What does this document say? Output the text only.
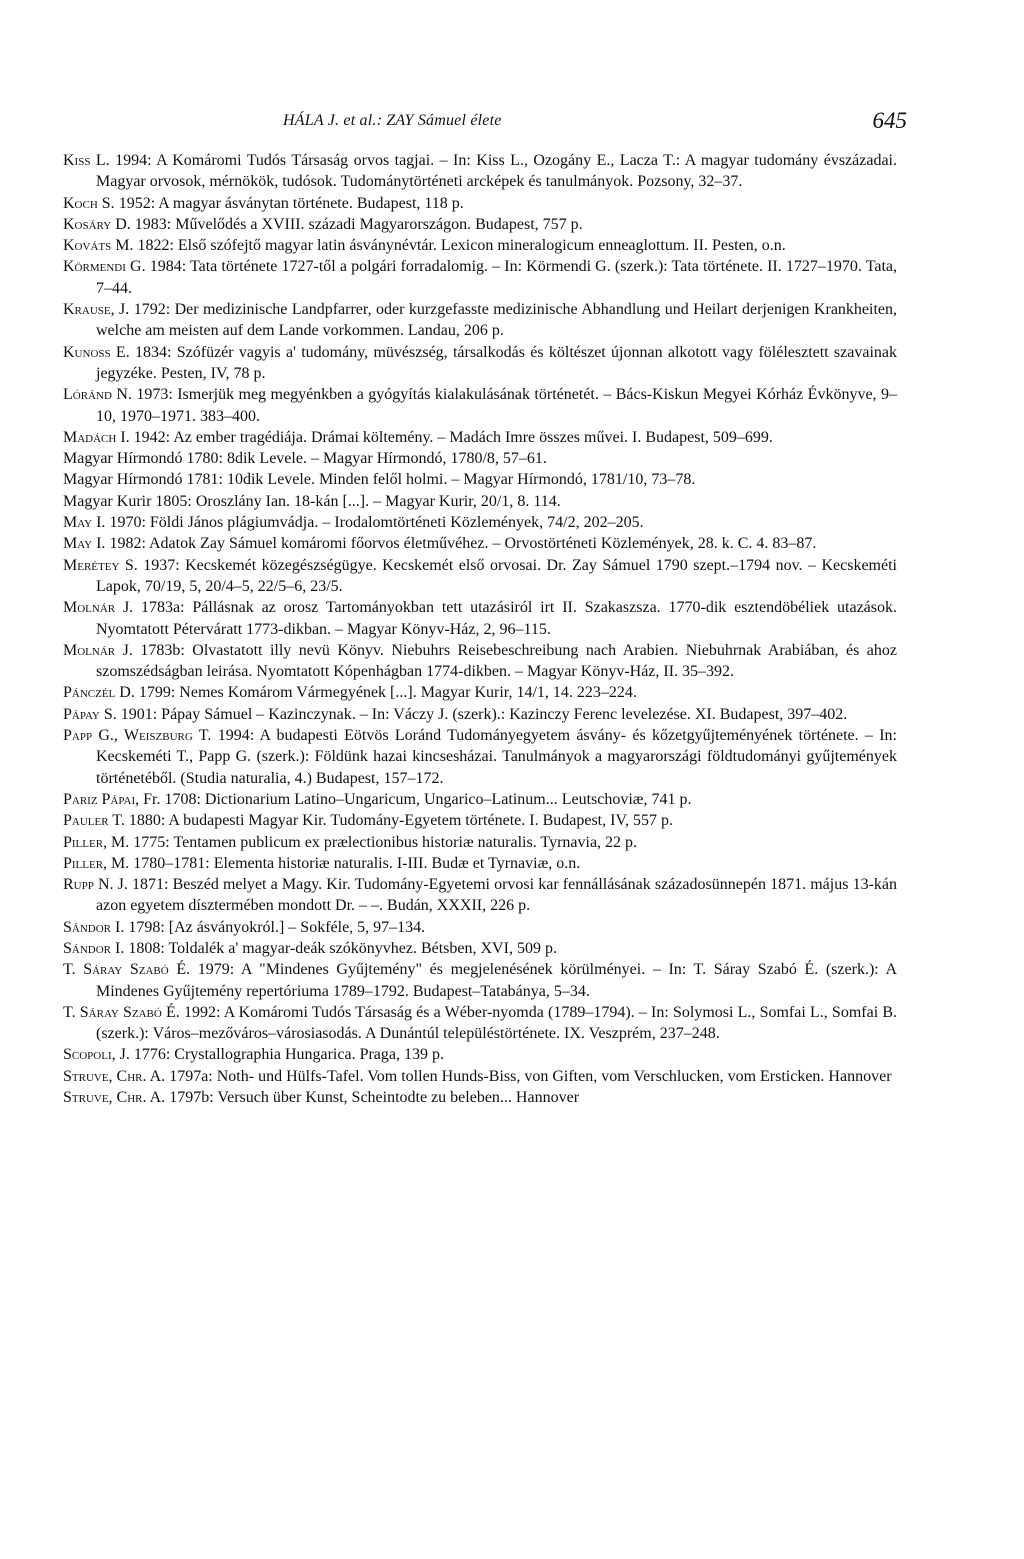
HÁLA J. et al.: ZAY Sámuel élete	645

Kiss L. 1994: A Komáromi Tudós Társaság orvos tagjai. – In: Kiss L., Ozogány E., Lacza T.: A magyar tudomány évszázadai. Magyar orvosok, mérnökök, tudósok. Tudománytörténeti arcképek és tanulmányok. Pozsony, 32–37.

Koch S. 1952: A magyar ásványtan története. Budapest, 118 p.

Kosáry D. 1983: Művelődés a XVIII. századi Magyarországon. Budapest, 757 p.

Kováts M. 1822: Első szófejtő magyar latin ásványnévtár. Lexicon mineralogicum enneaglottum. II. Pesten, o.n.

Körmendi G. 1984: Tata története 1727-től a polgári forradalomig. – In: Körmendi G. (szerk.): Tata története. II. 1727–1970. Tata, 7–44.

Krause, J. 1792: Der medizinische Landpfarrer, oder kurzgefasste medizinische Abhandlung und Heilart derjenigen Krankheiten, welche am meisten auf dem Lande vorkommen. Landau, 206 p.

Kunoss E. 1834: Szófüzér vagyis a' tudomány, müvészség, társalkodás és költészet újonnan alkotott vagy fölélesztett szavainak jegyzéke. Pesten, IV, 78 p.

Lóránd N. 1973: Ismerjük meg megyénkben a gyógyítás kialakulásának történetét. – Bács-Kiskun Megyei Kórház Évkönyve, 9–10, 1970–1971. 383–400.

Madách I. 1942: Az ember tragédiája. Drámai költemény. – Madách Imre összes művei. I. Budapest, 509–699.

Magyar Hírmondó 1780: 8dik Levele. – Magyar Hírmondó, 1780/8, 57–61.

Magyar Hírmondó 1781: 10dik Levele. Minden felől holmi. – Magyar Hírmondó, 1781/10, 73–78.

Magyar Kurir 1805: Oroszlány Ian. 18-kán [...]. – Magyar Kurir, 20/1, 8. 114.

May I. 1970: Földi János plágiumvádja. – Irodalomtörténeti Közlemények, 74/2, 202–205.

May I. 1982: Adatok Zay Sámuel komáromi főorvos életművéhez. – Orvostörténeti Közlemények, 28. k. C. 4. 83–87.

Merétey S. 1937: Kecskemét közegészségügye. Kecskemét első orvosai. Dr. Zay Sámuel 1790 szept.–1794 nov. – Kecskeméti Lapok, 70/19, 5, 20/4–5, 22/5–6, 23/5.

Molnár J. 1783a: Pállásnak az orosz Tartományokban tett utazásiról irt II. Szakaszsza. 1770-dik esztendöbéliek utazások. Nyomtatott Péterváratt 1773-dikban. – Magyar Könyv-Ház, 2, 96–115.

Molnár J. 1783b: Olvastatott illy nevü Könyv. Niebuhrs Reisebeschreibung nach Arabien. Niebuhrnak Arabiában, és ahoz szomszédságban leirása. Nyomtatott Kópenhágban 1774-dikben. – Magyar Könyv-Ház, II. 35–392.

Pánczél D. 1799: Nemes Komárom Vármegyének [...]. Magyar Kurir, 14/1, 14. 223–224.

Pápay S. 1901: Pápay Sámuel – Kazinczynak. – In: Váczy J. (szerk).: Kazinczy Ferenc levelezése. XI. Budapest, 397–402.

Papp G., Weiszburg T. 1994: A budapesti Eötvös Loránd Tudományegyetem ásvány- és kőzetgyűjteményének története. – In: Kecskeméti T., Papp G. (szerk.): Földünk hazai kincsesházai. Tanulmányok a magyarországi földtudományi gyűjtemények történetéből. (Studia naturalia, 4.) Budapest, 157–172.

Pariz Pápai, Fr. 1708: Dictionarium Latino–Ungaricum, Ungarico–Latinum... Leutschoviæ, 741 p.

Pauler T. 1880: A budapesti Magyar Kir. Tudomány-Egyetem története. I. Budapest, IV, 557 p.

Piller, M. 1775: Tentamen publicum ex prælectionibus historiæ naturalis. Tyrnavia, 22 p.

Piller, M. 1780–1781: Elementa historiæ naturalis. I-III. Budæ et Tyrnaviæ, o.n.

Rupp N. J. 1871: Beszéd melyet a Magy. Kir. Tudomány-Egyetemi orvosi kar fennállásának századosünnepén 1871. május 13-kán azon egyetem dísztermében mondott Dr. – –. Budán, XXXII, 226 p.

Sándor I. 1798: [Az ásványokról.] – Sokféle, 5, 97–134.

Sándor I. 1808: Toldalék a' magyar-deák szókönyvhez. Bétsben, XVI, 509 p.

T. Sáray Szabó É. 1979: A "Mindenes Gyűjtemény" és megjelenésének körülményei. – In: T. Sáray Szabó É. (szerk.): A Mindenes Gyűjtemény repertóriuma 1789–1792. Budapest–Tatabánya, 5–34.

T. Sáray Szabó É. 1992: A Komáromi Tudós Társaság és a Wéber-nyomda (1789–1794). – In: Solymosi L., Somfai L., Somfai B. (szerk.): Város–mezőváros–városiasodás. A Dunántúl településtörténete. IX. Veszprém, 237–248.

Scopoli, J. 1776: Crystallographia Hungarica. Praga, 139 p.

Struve, Chr. A. 1797a: Noth- und Hülfs-Tafel. Vom tollen Hunds-Biss, von Giften, vom Verschlucken, vom Ersticken. Hannover

Struve, Chr. A. 1797b: Versuch über Kunst, Scheintodte zu beleben... Hannover
